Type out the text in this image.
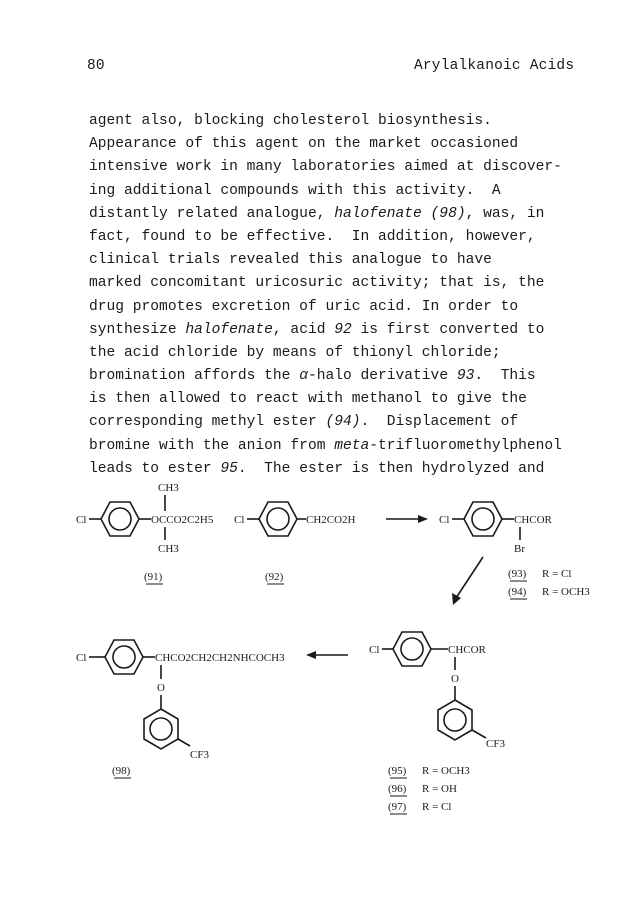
80	Arylalkanoic Acids
agent also, blocking cholesterol biosynthesis.
Appearance of this agent on the market occasioned
intensive work in many laboratories aimed at discover-
ing additional compounds with this activity.  A
distantly related analogue, halofenate (98), was, in
fact, found to be effective.  In addition, however,
clinical trials revealed this analogue to have
marked concomitant uricosuric activity; that is, the
drug promotes excretion of uric acid. In order to
synthesize halofenate, acid 92 is first converted to
the acid chloride by means of thionyl chloride;
bromination affords the α-halo derivative 93.  This
is then allowed to react with methanol to give the
corresponding methyl ester (94).  Displacement of
bromine with the anion from meta-trifluoromethylphenol
leads to ester 95.  The ester is then hydrolyzed and
Cl
CH3
OCCO2C2H5
CH3
(91)
Cl	CH2CO2H
(92)
Cl	CHCOR
Br
(93) R = Cl
(94) R = OCH3
Cl	CHCOR
O
CF3
(95) R = OCH3
(96) R = OH
(97) R = Cl
Cl	CHCO2CH2CH2NHCOCH3
O
CF3
(98)
